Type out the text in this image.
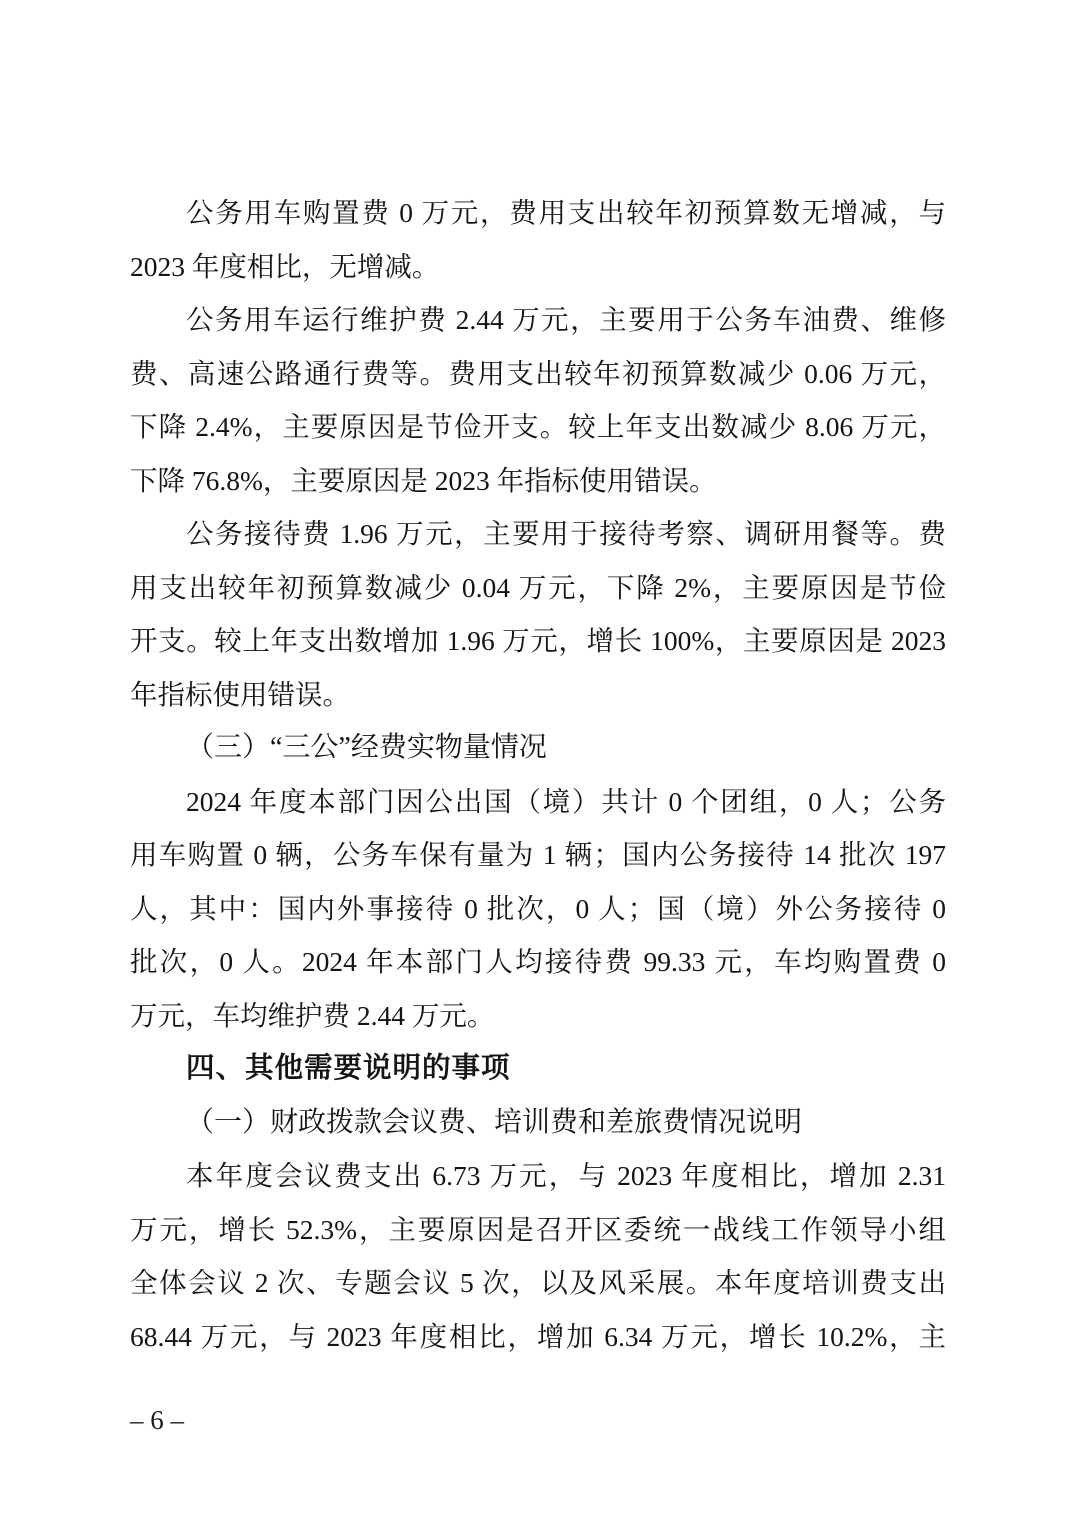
公务用车购置费 0 万元，费用支出较年初预算数无增减，与
2023 年度相比，无增减。
公务用车运行维护费 2.44 万元，主要用于公务车油费、维修
费、高速公路通行费等。费用支出较年初预算数减少 0.06 万元，
下降 2.4%，主要原因是节俭开支。较上年支出数减少 8.06 万元，
下降 76.8%，主要原因是 2023 年指标使用错误。
公务接待费 1.96 万元，主要用于接待考察、调研用餐等。费
用支出较年初预算数减少 0.04 万元，下降 2%，主要原因是节俭
开支。较上年支出数增加 1.96 万元，增长 100%，主要原因是 2023
年指标使用错误。
（三）“三公”经费实物量情况
2024 年度本部门因公出国（境）共计 0 个团组，0 人；公务
用车购置 0 辆，公务车保有量为 1 辆；国内公务接待 14 批次 197
人，其中：国内外事接待 0 批次，0 人；国（境）外公务接待 0
批次，0 人。2024 年本部门人均接待费 99.33 元，车均购置费 0
万元，车均维护费 2.44 万元。
四、其他需要说明的事项
（一）财政拨款会议费、培训费和差旅费情况说明
本年度会议费支出 6.73 万元，与 2023 年度相比，增加 2.31
万元，增长 52.3%，主要原因是召开区委统一战线工作领导小组
全体会议 2 次、专题会议 5 次，以及风采展。本年度培训费支出
68.44 万元，与 2023 年度相比，增加 6.34 万元，增长 10.2%，主
– 6 –
